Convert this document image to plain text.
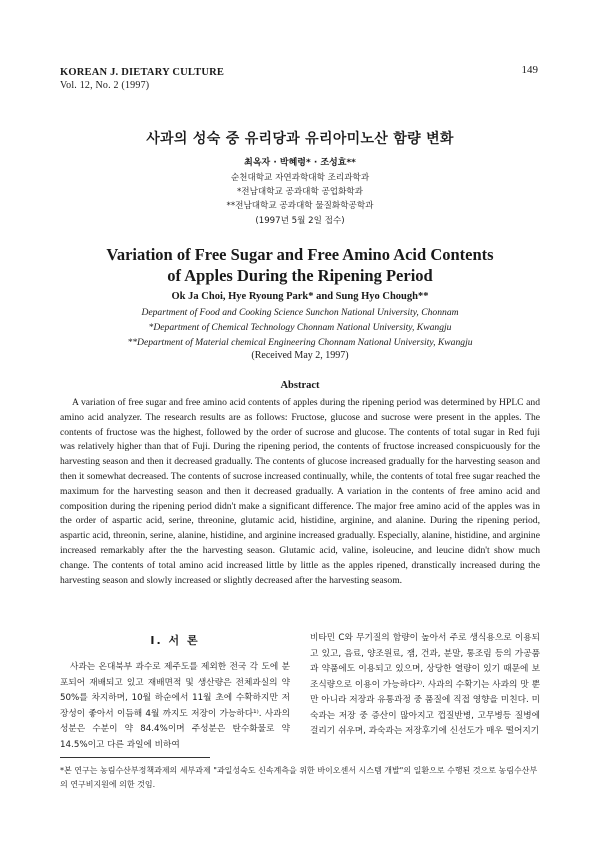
KOREAN J. DIETARY CULTURE
Vol. 12, No. 2 (1997)
149
사과의 성숙 중 유리당과 유리아미노산 함량 변화
최옥자 · 박혜령* · 조성효**
순천대학교 자연과학대학 조리과학과
*전남대학교 공과대학 공업화학과
**전남대학교 공과대학 물질화학공학과
(1997년 5월 2일 접수)
Variation of Free Sugar and Free Amino Acid Contents
of Apples During the Ripening Period
Ok Ja Choi, Hye Ryoung Park* and Sung Hyo Chough**
Department of Food and Cooking Science Sunchon National University, Chonnam
*Department of Chemical Technology Chonnam National University, Kwangju
**Department of Material chemical Engineering Chonnam National University, Kwangju
(Received May 2, 1997)
Abstract
A variation of free sugar and free amino acid contents of apples during the ripening period was determined by HPLC and amino acid analyzer. The research results are as follows: Fructose, glucose and sucrose were present in the apples. The contents of fructose was the highest, followed by the order of sucrose and glucose. The contents of total sugar in Red fuji was relatively higher than that of Fuji. During the ripening period, the contents of fructose increased conspicuously for the harvesting season and then it decreased gradually. The contents of glucose increased gradually for the harvesting season and then it somewhat decreased. The contents of sucrose increased continually, while, the contents of total free sugar reached the maximum for the harvesting season and then it decreased gradually. A variation in the contents of free amino acid and composition during the ripening period didn't make a significant difference. The major free amino acid of the apples was in the order of aspartic acid, serine, threonine, glutamic acid, histidine, arginine, and alanine. During the ripening period, aspartic acid, threonin, serine, alanine, histidine, and arginine increased gradually. Especially, alanine, histidine, and arginine increased remarkably after the the harvesting season. Glutamic acid, valine, isoleucine, and leucine didn't show much change. The contents of total amino acid increased little by little as the apples ripened, dranstically increased during the harvesting season and slowly increased or slightly decreased after the harvesting seasom.
I. 서 론
사과는 온대북부 과수로 제주도를 제외한 전국 각 도에 분포되어 재배되고 있고 재배면적 및 생산량은 전체과실의 약 50%를 차지하며, 10월 하순에서 11월 초에 수확하지만 저장성이 좋아서 이듬해 4월 까지도 저장이 가능하다¹⁾. 사과의 성분은 수분이 약 84.4%이며 주성분은 탄수화물로 약 14.5%이고 다른 과일에 비하여
비타민 C와 무기질의 함량이 높아서 주로 생식용으로 이용되고 있고, 음료, 양조원료, 잼, 건과, 분말, 통조림 등의 가공품과 약품에도 이용되고 있으며, 상당한 열량이 있기 때문에 보조식량으로 이용이 가능하다²⁾. 사과의 수확기는 사과의 맛 뿐만 아니라 저장과 유통과정 중 품질에 직접 영향을 미친다. 미숙과는 저장 중 증산이 많아지고 껍질반병, 고무병등 질병에 걸리기 쉬우며, 과숙과는 저장후기에 신선도가 매우 떨어지기
*본 연구는 농림수산부정책과제의 세부과제 "과일성숙도 신속계측을 위한 바이오센서 시스템 개발"의 일환으로 수행된 것으로 농림수산부의 연구비지원에 의한 것임.
